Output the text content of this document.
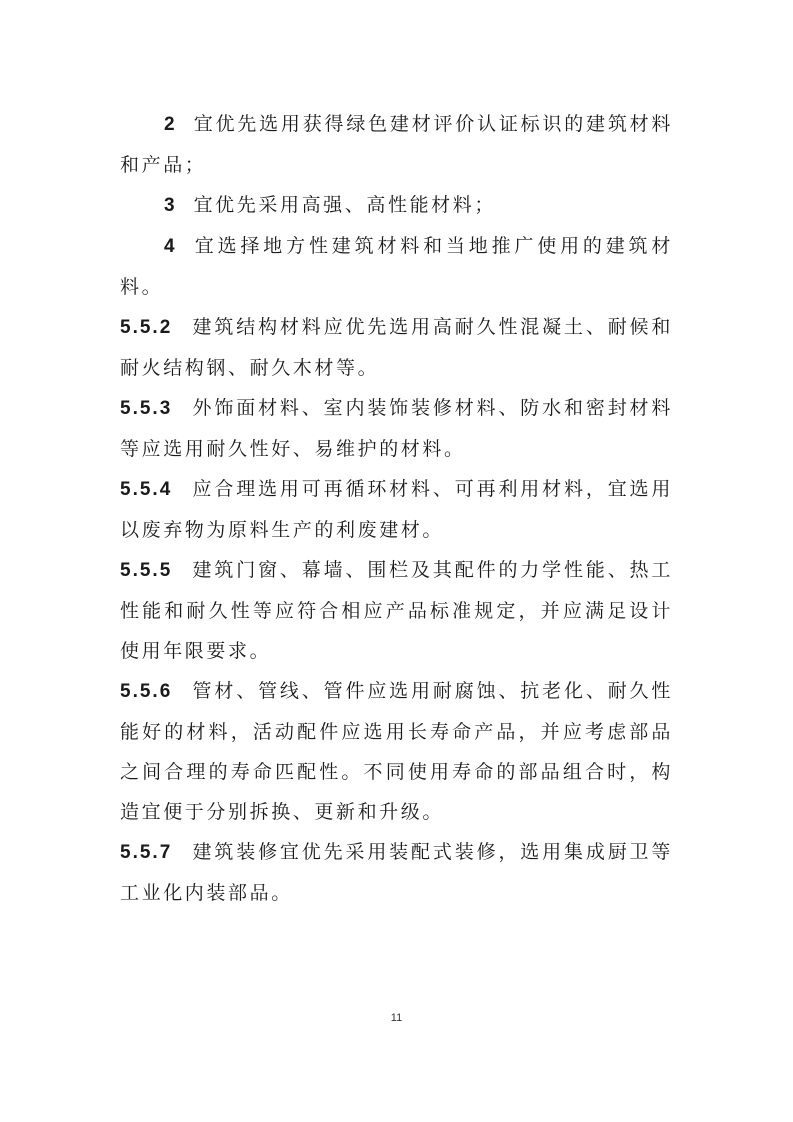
2 宜优先选用获得绿色建材评价认证标识的建筑材料和产品；

3 宜优先采用高强、高性能材料；

4 宜选择地方性建筑材料和当地推广使用的建筑材料。

5.5.2 建筑结构材料应优先选用高耐久性混凝土、耐候和耐火结构钢、耐久木材等。

5.5.3 外饰面材料、室内装饰装修材料、防水和密封材料等应选用耐久性好、易维护的材料。

5.5.4 应合理选用可再循环材料、可再利用材料，宜选用以废弃物为原料生产的利废建材。

5.5.5 建筑门窗、幕墙、围栏及其配件的力学性能、热工性能和耐久性等应符合相应产品标准规定，并应满足设计使用年限要求。

5.5.6 管材、管线、管件应选用耐腐蚀、抗老化、耐久性能好的材料，活动配件应选用长寿命产品，并应考虑部品之间合理的寿命匹配性。不同使用寿命的部品组合时，构造宜便于分别拆换、更新和升级。

5.5.7 建筑装修宜优先采用装配式装修，选用集成厨卫等工业化内装部品。

11
